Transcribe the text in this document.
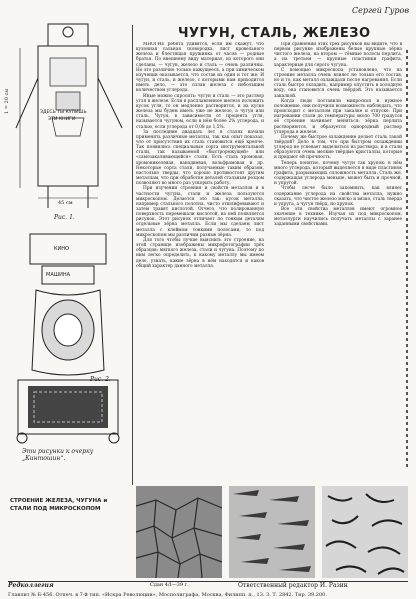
Сергей Гуров
ЗДЕСЬ ТЫ КУПИШЬ
ЭТИ КНИГИ
1 = 20 см
45 см
Рис. 1.
КИНО
МАШИНА
Рис. 2.
Эти рисунки к очерку „Кинтошин“.
ЧУГУН, СТАЛЬ, ЖЕЛЕЗО

МНОГИЕ ребята удивятся, если им скажут, что кухонная сальная сковородка, лист кровельного железа и блестящая пружинка от часов — родные братья. По внешнему виду материал, из которого они сделаны, — чугун, железо и сталь — очень различны. Но это различие только кажущееся, а при химическом изучении оказывается, что состав их один и тот же. И чугун, и сталь, и железо, с которыми нам приходится иметь дело, — это сплав железа с небольшим количеством углерода.

Иные можно спросить: чугун и сталь — это раствор угля в железе. Если в расплавленное железо положить кусок угля, то он медленно растворится, и на куске железа мы будем иметь уже не железо, а чугун или сталь. Чугун, в зависимости от процента угля, называется чугуном, если в нём более 2% углерода, и сталью, если углерода от 0,08 до 1,5%.

За последние двадцать лет в сталях начали применять различные металлы, так как опыт показал, что от присутствия их сталь становится ещё крепче. Так появились специальные сорта инструментальной стали, так называемой «быстрорежущей» или «самозакаливающейся» стали. Есть сталь хромовая, хромоникелевая, ванадиевая, вольфрамовая и др. Некоторые сорта стали, получаемые таким образом, настолько тверды, что хорошо противостоят другим металлам, что при обработке деталей стальным резцом позволяют во много раз ускорить работу.

При изучении строения и свойств металлов и в частности чугуна, стали и железа пользуются микроскопом. Делается это так: кусок металла, например стального полотна, чисто отшлифовывают и затем травят кислотой. Отчего, что полированную поверхность перемешали кислотой, на ней появляется рисунок. Этот рисунок отличает по тонким деталям отдельные зёрна металла. Если мы сделаем лист металла с клеймом тонкими полосами, то под микроскопом мы различим разные зёрна.

Для того чтобы лучше выяснить это строение, на этой странице изображены микрофотографии трёх образцов: мягкого железа, стали и чугуна. Поэтому по ним легко определить, к какому металлу мы имеем дело, узнать, какие зёрна в нём находятся и каков общий характер данного металла.

При сравнении этих трёх рисунков вы видите, что в первом рисунке изображены белые крупные зёрна чистого железа, на втором — тёмные полосы перлита, а на третьем — крупные пластинки графита, характерные для серого чугуна.

С помощью микроскопа установлено, что на строение металла очень влияет не только его состав, но и то, как металл охлаждали после нагревания. Если сталь быстро охладить, например опустить в холодную воду, она становится очень твёрдой. Это называется закалкой.

Когда люди поставили микроскоп в нужное положение, они получили возможность наблюдать, что происходит с металлом при закалке и отпуске. При нагревании стали до температуры около 700 градусов её строение начинает меняться: зёрна перлита растворяются, и образуется однородный раствор углерода в железе.

Почему же быстрое охлаждение делает сталь такой твёрдой? Дело в том, что при быстром охлаждении углерод не успевает выделиться из раствора, и в стали образуются очень мелкие твёрдые кристаллы, которые и придают ей прочность.

Теперь понятно, почему чугун так хрупок: в нём много углерода, который выделяется в виде пластинок графита, разрывающих сплошность металла. Сталь же, содержащая углерода меньше, может быть и прочной, и упругой.

Чтобы легче было запомнить, как влияет содержание углерода на свойства металла, нужно сказать, что чистое железо мягко и вязко, сталь тверда и упруга, а чугун твёрд, но хрупок.

Все эти свойства металлов имеют огромное значение в технике. Изучая их под микроскопом, металлурги научились получать металлы с заранее заданными свойствами.

СТРОЕНИЕ ЖЕЛЕЗА, ЧУГУНА и СТАЛИ ПОД МИКРОСКОПОМ
Редколлегия	Сдан 4/I—39 г.	Ответственный редактор И. Разин
Главлит № Б-456. Отпеч. в 7-й тип. «Искра Революции», Мосполиграфа, Москва, Филипп. п., 13. З. Т. 2842. Тир. 39.200.
